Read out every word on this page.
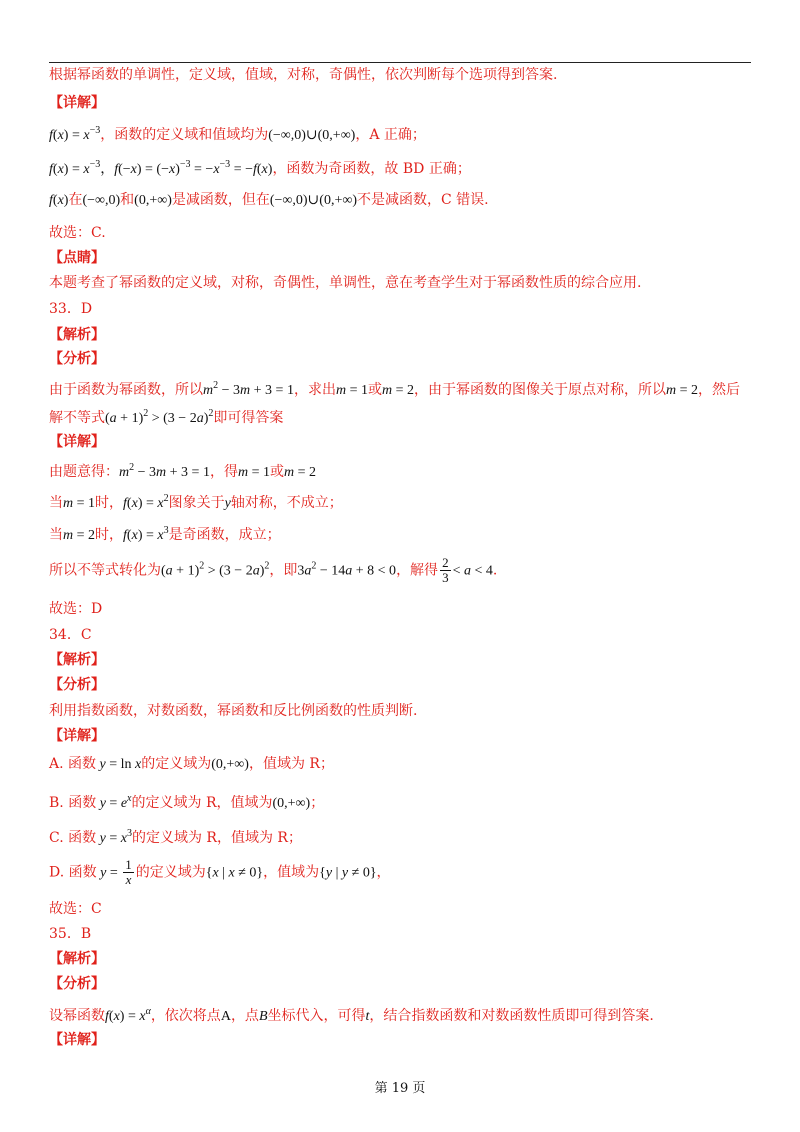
根据幂函数的单调性，定义域，值域，对称，奇偶性，依次判断每个选项得到答案.
【详解】
$f(x) = x^{-3}$，函数的定义域和值域均为(−∞,0)∪(0,+∞)，A 正确；
$f(x) = x^{-3}$，$f(-x) = (-x)^{-3} = -x^{-3} = -f(x)$，函数为奇函数，故 BD 正确；
f(x)在(−∞,0)和(0,+∞)是减函数，但在(−∞,0)∪(0,+∞)不是减函数，C 错误.
故选：C.
【点睛】
本题考查了幂函数的定义域，对称，奇偶性，单调性，意在考查学生对于幂函数性质的综合应用.
33．D
【解析】
【分析】
由于函数为幂函数，所以$m^2 - 3m + 3 = 1$，求出m = 1或m = 2，由于幂函数的图像关于原点对称，所以m = 2，然后
解不等式$(a + 1)^2 > (3 - 2a)^2$即可得答案
【详解】
由题意得：$m^2 - 3m + 3 = 1$，得m = 1或m = 2
当m = 1时，$f(x) = x^2$图象关于y轴对称，不成立；
当m = 2时，$f(x) = x^3$是奇函数，成立；
所以不等式转化为$(a + 1)^2 > (3 - 2a)^2$，即$3a^2 - 14a + 8 < 0$，解得 $\frac{2}{3} < a < 4$.
故选：D
34．C
【解析】
【分析】
利用指数函数，对数函数，幂函数和反比例函数的性质判断.
【详解】
A. 函数 y = ln x的定义域为(0,+∞)，值域为 R；
B. 函数 $y = e^x$的定义域为 R，值域为(0,+∞)；
C. 函数 $y = x^3$的定义域为 R，值域为 R；
D. 函数 $y = \frac{1}{x}$ 的定义域为{x | x ≠ 0}，值域为{y | y ≠ 0}，
故选：C
35．B
【解析】
【分析】
设幂函数$f(x) = x^\alpha$，依次将点A，点B坐标代入，可得t，结合指数函数和对数函数性质即可得到答案.
【详解】
第 19 页
